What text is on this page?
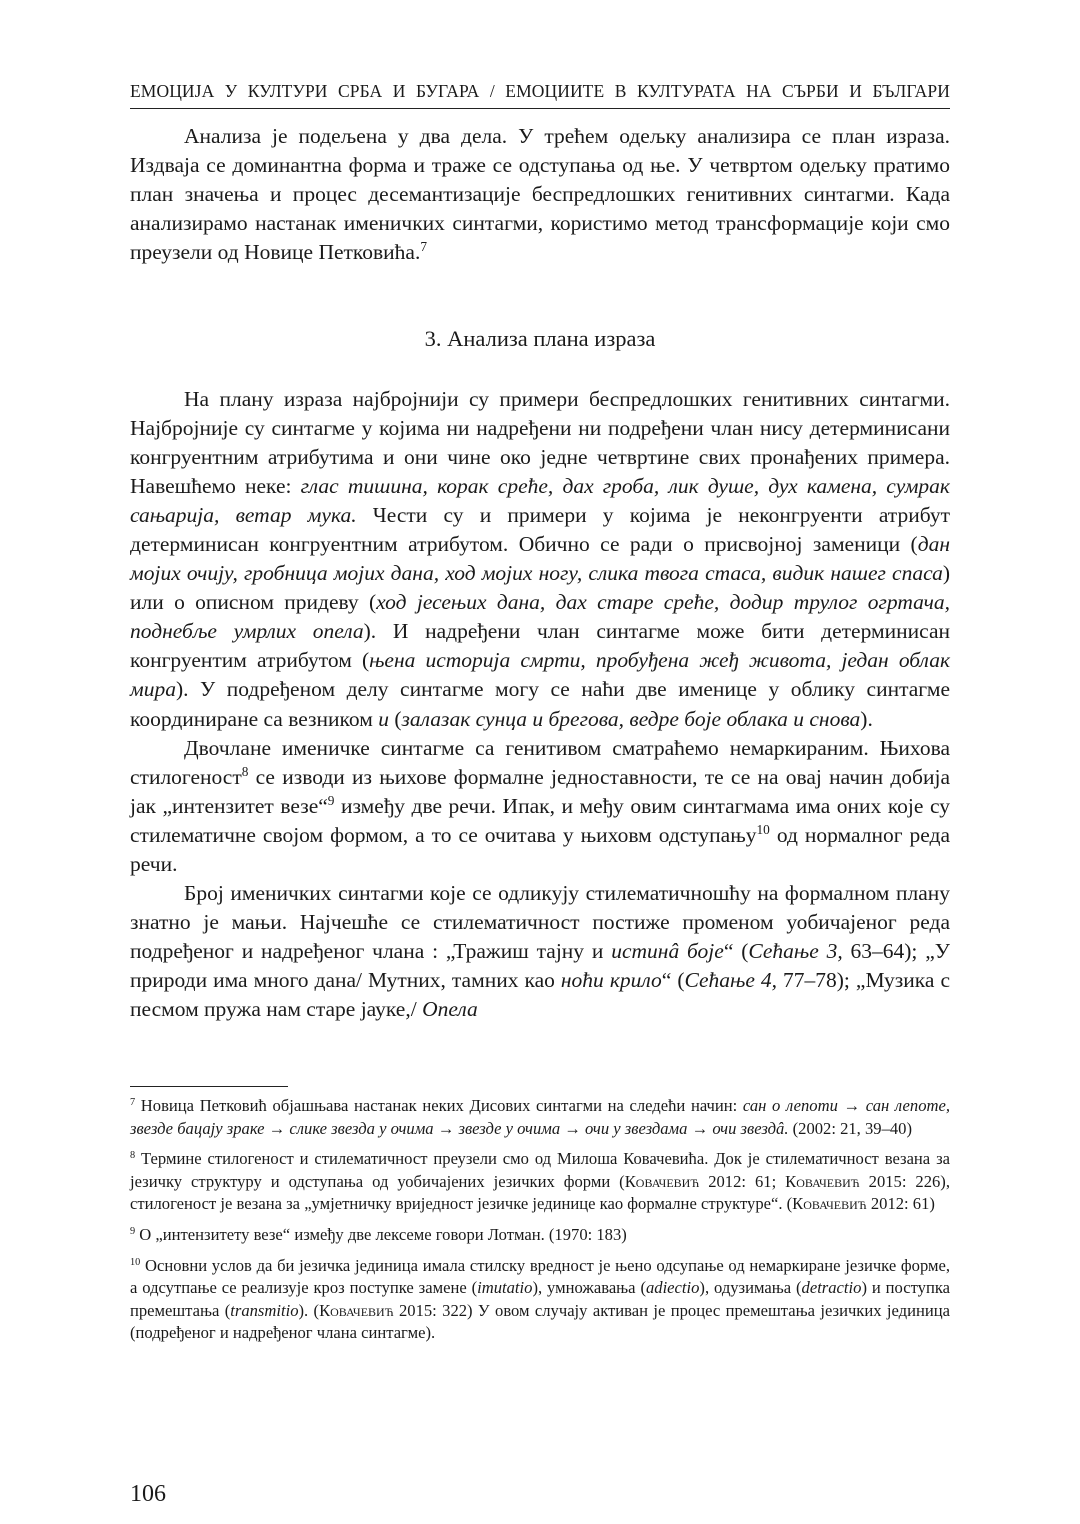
ЕМОЦИЈА У КУЛТУРИ СРБА И БУГАРА / ЕМОЦИИТЕ В КУЛТУРАТА НА СЪРБИ И БЪЛГАРИ

Анализа је подељена у два дела. У трећем одељку анализира се план израза. Издваја се доминантна форма и траже се одступања од ње. У четвртом одељку пратимо план значења и процес десемантизације беспредлошких генитивних синтагми. Када анализирамо настанак именичких синтагми, користимо метод трансформације који смо преузели од Новице Петковића.$^7$

3. Анализа плана израза

На плану израза најбројнији су примери беспредлошких генитивних синтагми. Најбројније су синтагме у којима ни надређени ни подређени члан нису детерминисани конгруентним атрибутима и они чине око једне четвртине свих пронађених примера. Навешћемо неке: глас тишина, корак среће, дах гроба, лик душе, дух камена, сумрак сањарија, ветар мука. Чести су и примери у којима је неконгруенти атрибут детерминисан конгруентним атрибутом. Обично се ради о присвојној заменици (дан мојих очију, гробница мојих дана, ход мојих ногу, слика твога стаса, видик нашег спаса) или о описном придеву (ход јесењих дана, дах старе среће, додир трулог огртача, поднебље умрлих опела). И надређени члан синтагме може бити детерминисан конгруентим атрибутом (њена историја смрти, пробуђена жеђ живота, један облак мира). У подређеном делу синтагме могу се наћи две именице у облику синтагме координиране са везником и (залазак сунца и брегова, ведре боје облака и снова).

Двочлане именичке синтагме са генитивом сматраћемо немаркираним. Њихова стилогеност$^8$ се изводи из њихове формалне једноставности, те се на овај начин добија јак „интензитет везе“$^9$ између две речи. Ипак, и међу овим синтагмама има оних које су стилематичне својом формом, а то се очитава у њиховм одступању$^{10}$ од нормалног реда речи.

Број именичких синтагми које се одликују стилематичношћу на формалном плану знатно је мањи. Најчешће се стилематичност постиже променом уобичајеног реда подређеног и надређеног члана : „Тражиш тајну и истинâ боје“ (Сећање 3, 63–64); „У природи има много дана/ Мутних, тамних као ноћи крило“ (Сећање 4, 77–78); „Музика с песмом пружа нам старе јауке,/ Опела

$^7$ Новица Петковић објашњава настанак неких Дисових синтагми на следећи начин: сан о лепоти → сан лепоте, звезде бацају зраке → слике звезда у очима → звезде у очима → очи у звездама → очи звездâ. (2002: 21, 39–40)

$^8$ Термине стилогеност и стилематичност преузели смо од Милоша Ковачевића. Док је стилематичност везана за језичку структуру и одступања од уобичајених језичких форми (Ковачевић 2012: 61; Ковачевић 2015: 226), стилогеност је везана за „умјетничку вриједност језичке јединице као формалне структуре“. (Ковачевић 2012: 61)

$^9$ О „интензитету везе“ између две лексеме говори Лотман. (1970: 183)

$^{10}$ Основни услов да би језичка јединица имала стилску вредност је њено одсупање од немаркиране језичке форме, а одсутпање се реализује кроз поступке замене (imutatio), умножавања (adiectio), одузимања (detractio) и поступка премештања (transmitio). (Ковачевић 2015: 322) У овом случају активан је процес премештања језичких јединица (подређеног и надређеног члана синтагме).

106
